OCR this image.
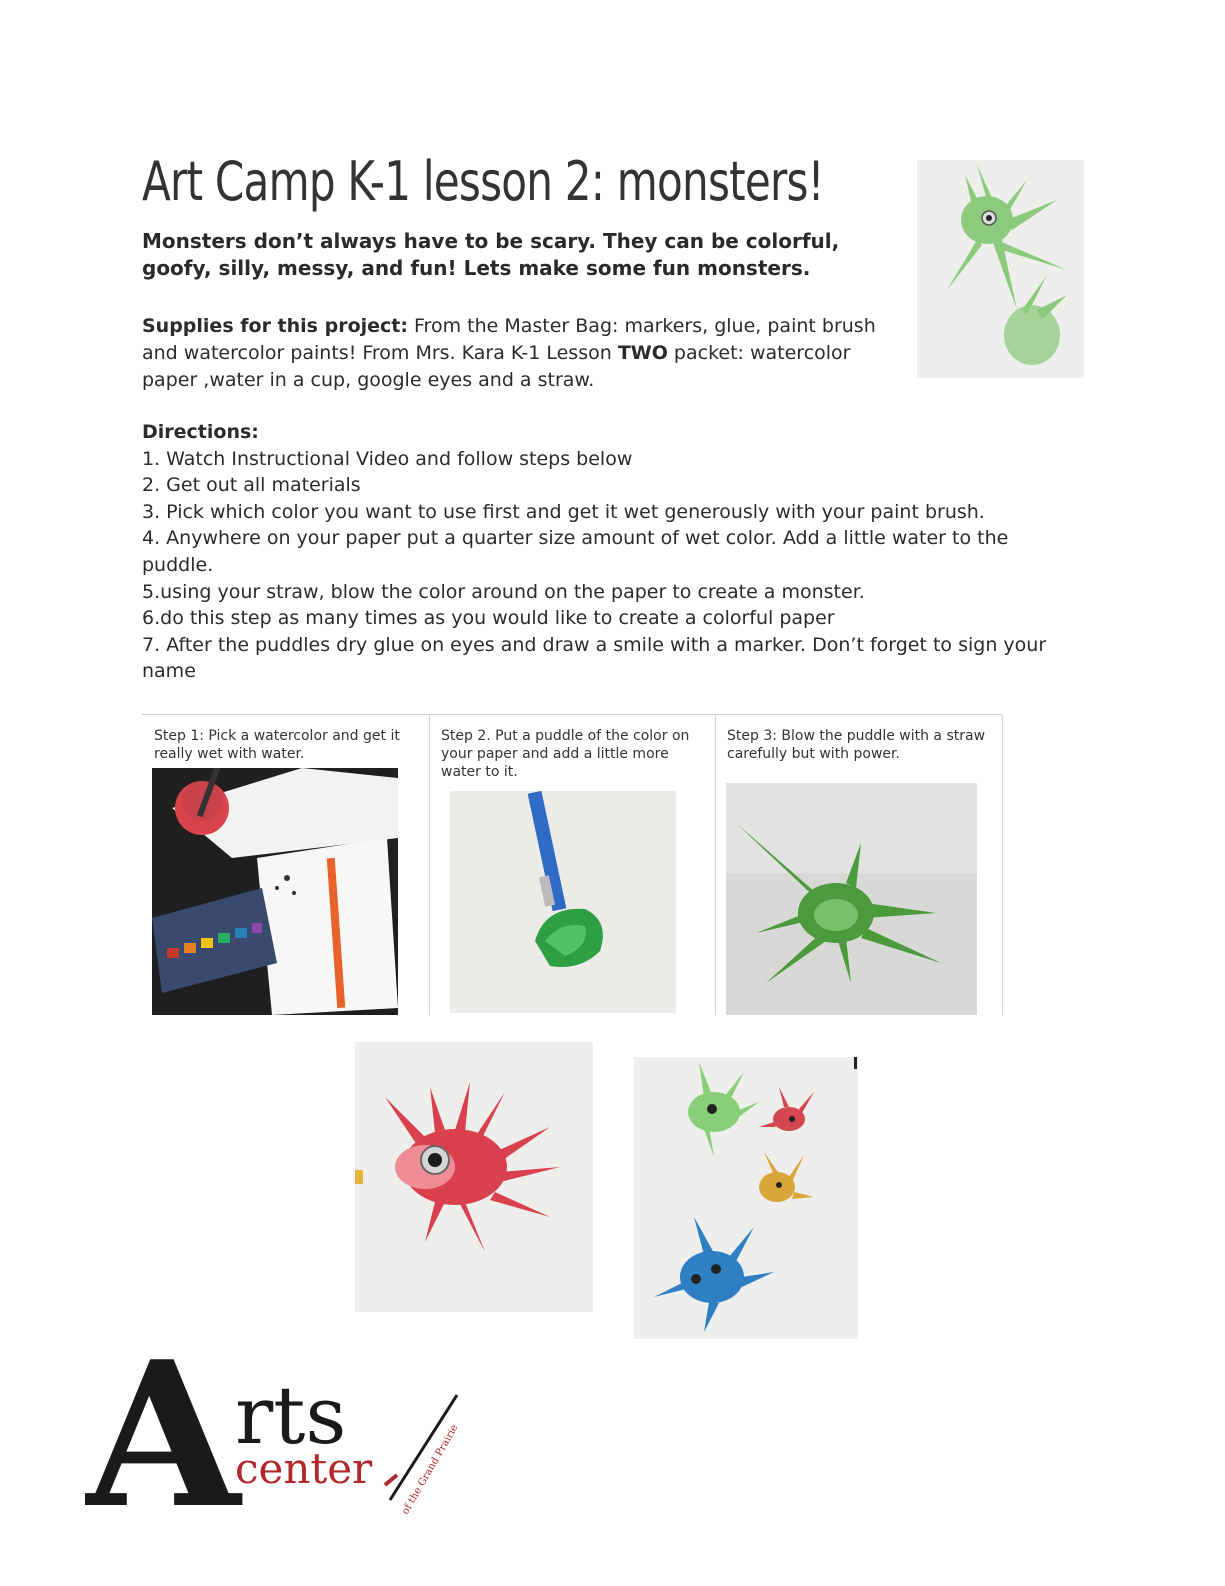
Art Camp K-1 lesson 2: monsters!
Monsters don’t always have to be scary. They can be colorful, goofy, silly, messy, and fun! Lets make some fun monsters.
Supplies for this project: From the Master Bag: markers, glue, paint brush and watercolor paints! From Mrs. Kara K-1 Lesson TWO packet: watercolor paper ,water in a cup, google eyes and a straw.
Directions:
1. Watch Instructional Video and follow steps below
2. Get out all materials
3. Pick which color you want to use first and get it wet generously with your paint brush.
4. Anywhere on your paper put a quarter size amount of wet color. Add a little water to the puddle.
5.using your straw, blow the color around on the paper to create a monster.
6.do this step as many times as you would like to create a colorful paper
7. After the puddles dry glue on eyes and draw a smile with a marker. Don’t forget to sign your name
Step 1: Pick a watercolor and get it really wet with water.
Step 2. Put a puddle of the color on your paper and add a little more water to it.
Step 3: Blow the puddle with a straw carefully but with power.
A
rts
center	of the Grand Prairie
